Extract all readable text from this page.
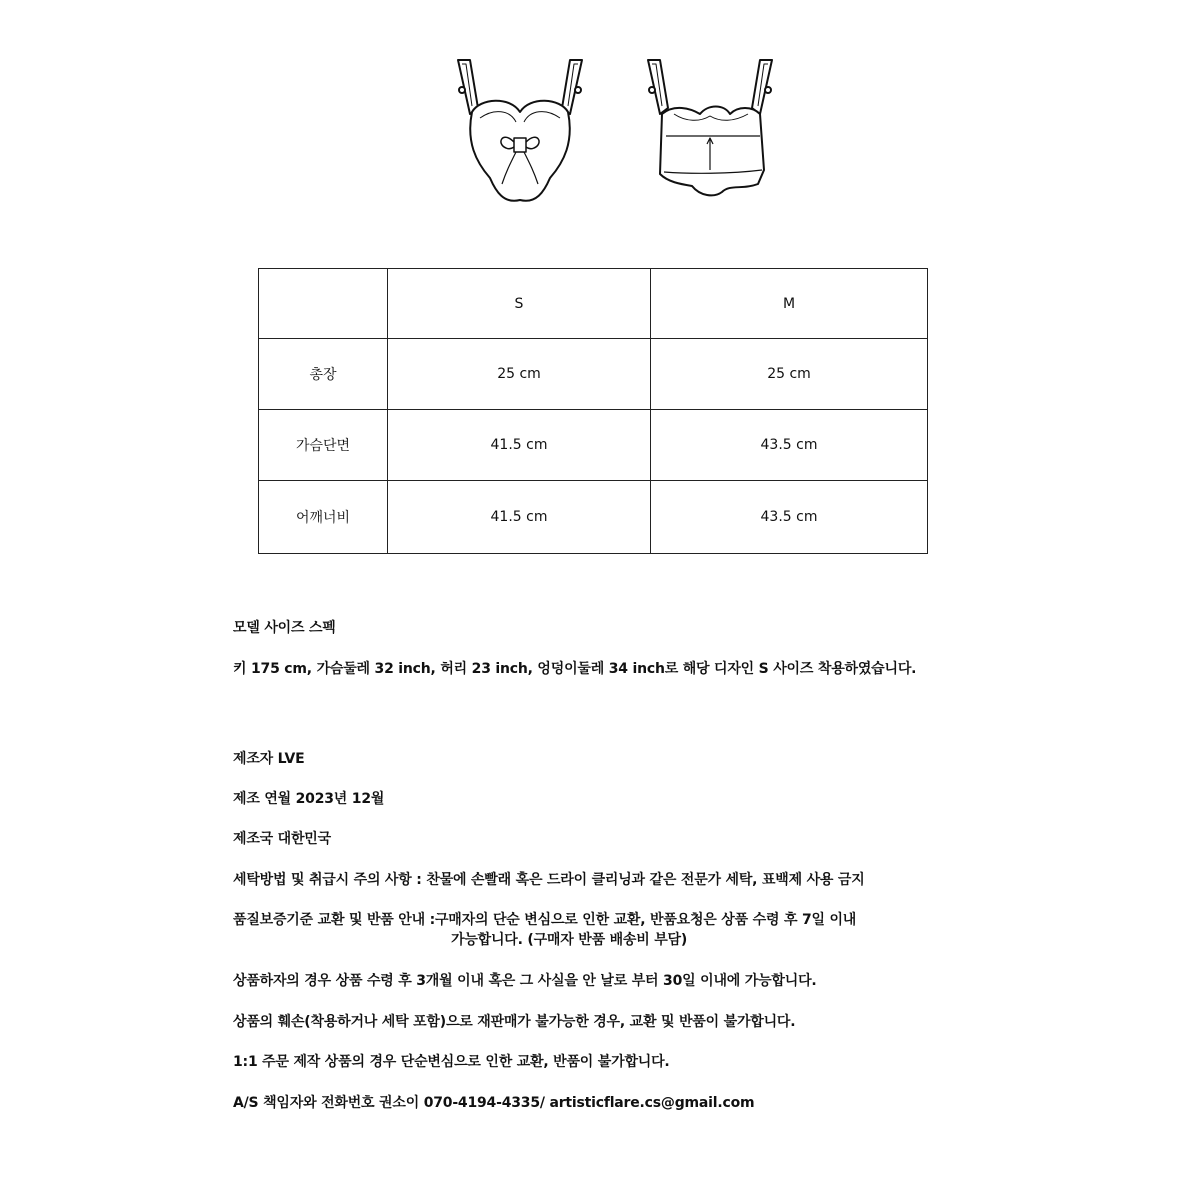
	S	M
총장	25 cm	25 cm
가슴단면	41.5 cm	43.5 cm
어깨너비	41.5 cm	43.5 cm
모델 사이즈 스펙
키 175 cm, 가슴둘레 32 inch, 허리 23 inch, 엉덩이둘레 34 inch로 해당 디자인 S 사이즈 착용하였습니다.
제조자 LVE
제조 연월 2023년 12월
제조국 대한민국
세탁방법 및 취급시 주의 사항 : 찬물에 손빨래 혹은 드라이 클리닝과 같은 전문가 세탁, 표백제 사용 금지
품질보증기준 교환 및 반품 안내 :구매자의 단순 변심으로 인한 교환, 반품요청은 상품 수령 후 7일 이내
가능합니다. (구매자 반품 배송비 부담)
상품하자의 경우 상품 수령 후 3개월 이내 혹은 그 사실을 안 날로 부터 30일 이내에 가능합니다.
상품의 훼손(착용하거나 세탁 포함)으로 재판매가 불가능한 경우, 교환 및 반품이 불가합니다.
1:1 주문 제작 상품의 경우 단순변심으로 인한 교환, 반품이 불가합니다.
A/S 책임자와 전화번호 권소이 070-4194-4335/ artisticflare.cs@gmail.com
